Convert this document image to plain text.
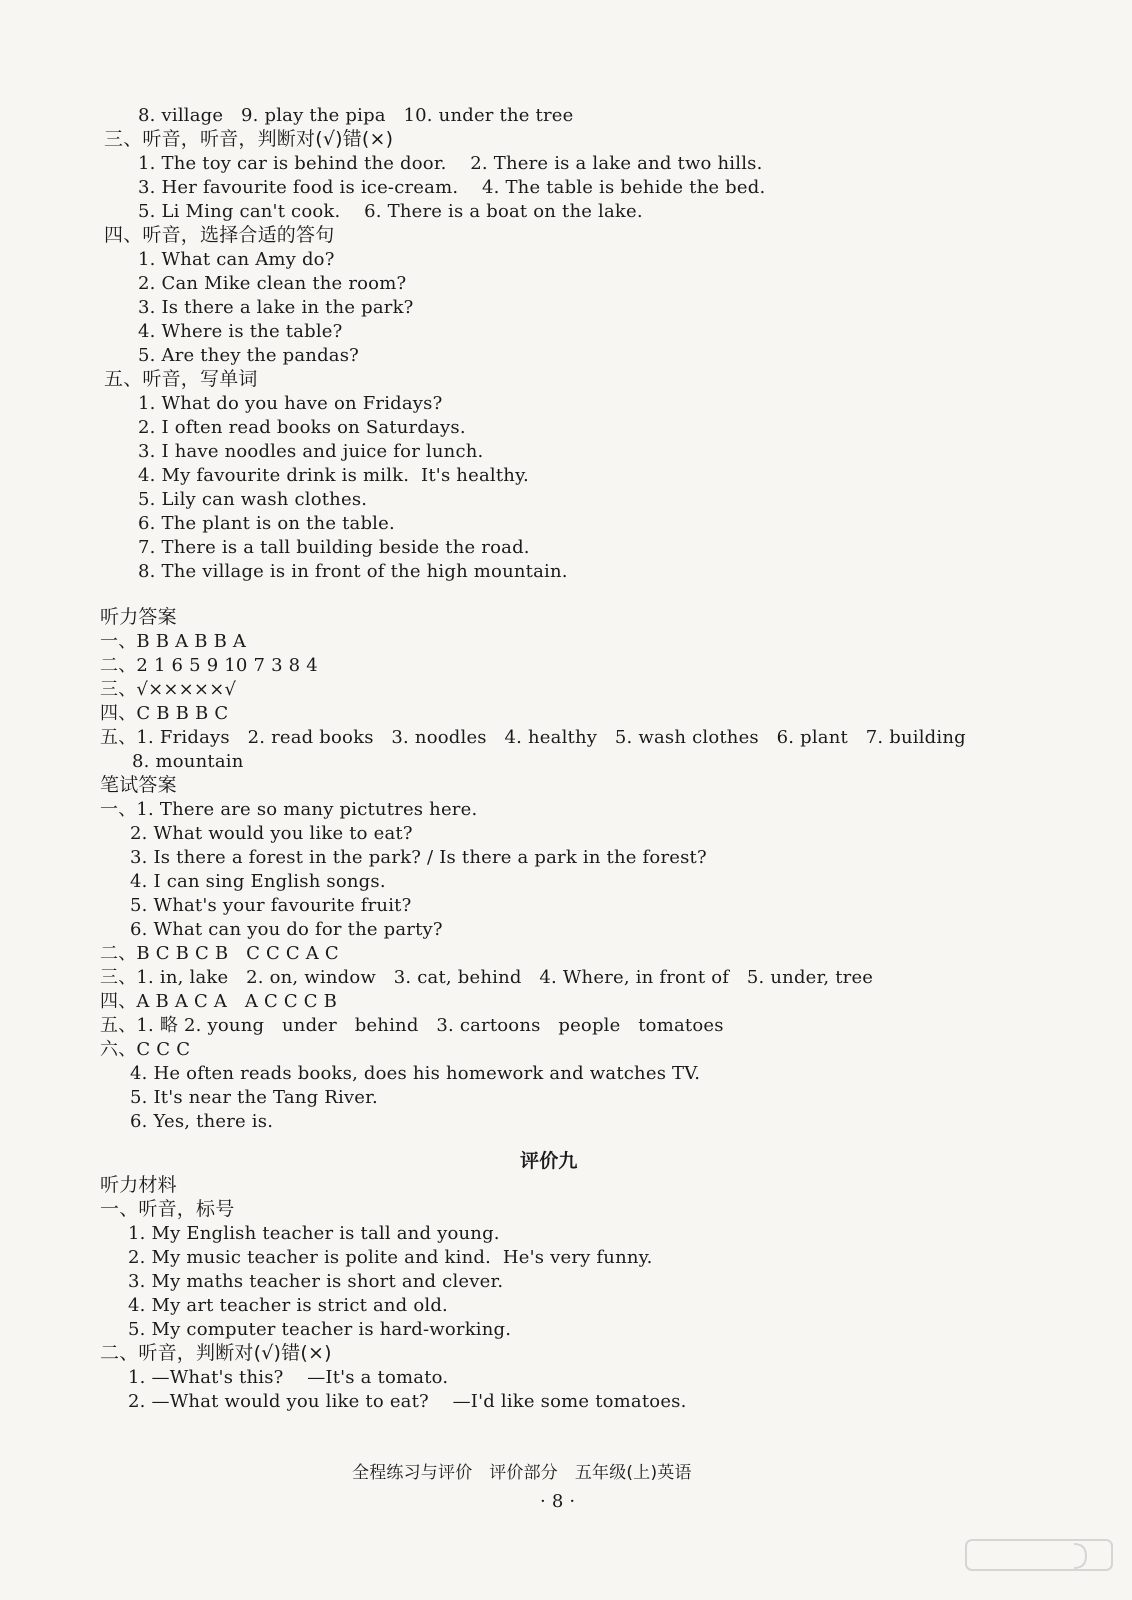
8. village   9. play the pipa   10. under the tree
三、听音，听音，判断对(√)错(×)
1. The toy car is behind the door.    2. There is a lake and two hills.
3. Her favourite food is ice-cream.    4. The table is behide the bed.
5. Li Ming can't cook.    6. There is a boat on the lake.
四、听音，选择合适的答句
1. What can Amy do?
2. Can Mike clean the room?
3. Is there a lake in the park?
4. Where is the table?
5. Are they the pandas?
五、听音，写单词
1. What do you have on Fridays?
2. I often read books on Saturdays.
3. I have noodles and juice for lunch.
4. My favourite drink is milk.  It's healthy.
5. Lily can wash clothes.
6. The plant is on the table.
7. There is a tall building beside the road.
8. The village is in front of the high mountain.
听力答案
一、B B A B B A
二、2 1 6 5 9 10 7 3 8 4
三、√×××××√
四、C B B B C
五、1. Fridays   2. read books   3. noodles   4. healthy   5. wash clothes   6. plant   7. building
8. mountain
笔试答案
一、1. There are so many pictutres here.
2. What would you like to eat?
3. Is there a forest in the park? / Is there a park in the forest?
4. I can sing English songs.
5. What's your favourite fruit?
6. What can you do for the party?
二、B C B C B   C C C A C
三、1. in, lake   2. on, window   3. cat, behind   4. Where, in front of   5. under, tree
四、A B A C A   A C C C B
五、1. 略 2. young   under   behind   3. cartoons   people   tomatoes
六、C C C
4. He often reads books, does his homework and watches TV.
5. It's near the Tang River.
6. Yes, there is.
评价九
听力材料
一、听音，标号
1. My English teacher is tall and young.
2. My music teacher is polite and kind.  He's very funny.
3. My maths teacher is short and clever.
4. My art teacher is strict and old.
5. My computer teacher is hard-working.
二、听音，判断对(√)错(×)
1. —What's this?    —It's a tomato.
2. —What would you like to eat?    —I'd like some tomatoes.
全程练习与评价   评价部分   五年级(上)英语
· 8 ·
